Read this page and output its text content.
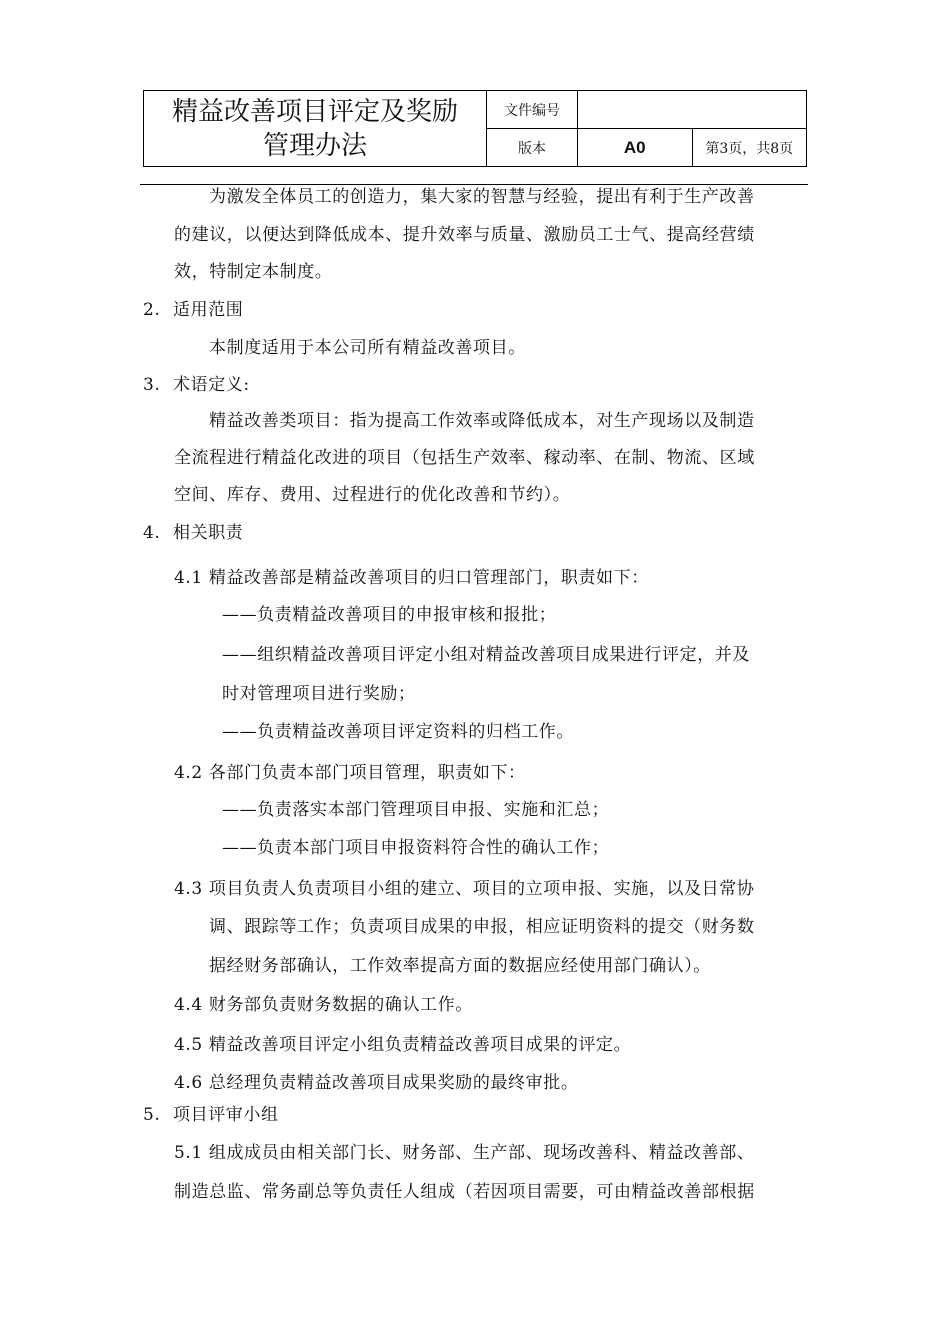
精益改善项目评定及奖励
管理办法	文件编号		
	版本	A0	第3页，共8页
为激发全体员工的创造力，集大家的智慧与经验，提出有利于生产改善
的建议，以便达到降低成本、提升效率与质量、激励员工士气、提高经营绩
效，特制定本制度。
2. 适用范围
本制度适用于本公司所有精益改善项目。
3. 术语定义:
精益改善类项目：指为提高工作效率或降低成本，对生产现场以及制造
全流程进行精益化改进的项目（包括生产效率、稼动率、在制、物流、区域
空间、库存、费用、过程进行的优化改善和节约）。
4. 相关职责
4.1 精益改善部是精益改善项目的归口管理部门，职责如下：
——负责精益改善项目的申报审核和报批；
——组织精益改善项目评定小组对精益改善项目成果进行评定，并及
时对管理项目进行奖励；
——负责精益改善项目评定资料的归档工作。
4.2 各部门负责本部门项目管理，职责如下：
——负责落实本部门管理项目申报、实施和汇总；
——负责本部门项目申报资料符合性的确认工作；
4.3 项目负责人负责项目小组的建立、项目的立项申报、实施，以及日常协
调、跟踪等工作；负责项目成果的申报，相应证明资料的提交（财务数
据经财务部确认，工作效率提高方面的数据应经使用部门确认）。
4.4 财务部负责财务数据的确认工作。
4.5 精益改善项目评定小组负责精益改善项目成果的评定。
4.6 总经理负责精益改善项目成果奖励的最终审批。
5. 项目评审小组
5.1 组成成员由相关部门长、财务部、生产部、现场改善科、精益改善部、
制造总监、常务副总等负责任人组成（若因项目需要，可由精益改善部根据
